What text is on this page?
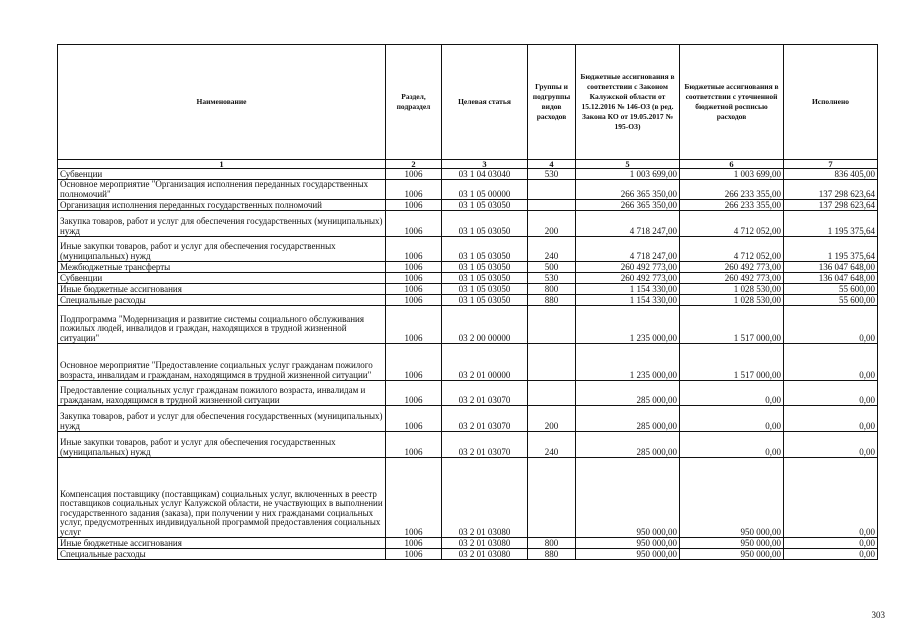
Наименование	Раздел, подраздел	Целевая статья	Группы и подгруппы видов расходов	Бюджетные ассигнования в соответствии с Законом Калужской области от 15.12.2016 № 146-ОЗ (в ред. Закона КО от 19.05.2017 № 195-ОЗ)	Бюджетные ассигнования в соответствии с уточненной бюджетной росписью расходов	Исполнено
1	2	3	4	5	6	7
Субвенции	1006	03 1 04 03040	530	1 003 699,00	1 003 699,00	836 405,00
Основное мероприятие "Организация исполнения переданных государственных полномочий"	1006	03 1 05 00000		266 365 350,00	266 233 355,00	137 298 623,64
Организация исполнения переданных государственных полномочий	1006	03 1 05 03050		266 365 350,00	266 233 355,00	137 298 623,64
Закупка товаров, работ и услуг для обеспечения государственных (муниципальных) нужд	1006	03 1 05 03050	200	4 718 247,00	4 712 052,00	1 195 375,64
Иные закупки товаров, работ и услуг для обеспечения государственных (муниципальных) нужд	1006	03 1 05 03050	240	4 718 247,00	4 712 052,00	1 195 375,64
Межбюджетные трансферты	1006	03 1 05 03050	500	260 492 773,00	260 492 773,00	136 047 648,00
Субвенции	1006	03 1 05 03050	530	260 492 773,00	260 492 773,00	136 047 648,00
Иные бюджетные ассигнования	1006	03 1 05 03050	800	1 154 330,00	1 028 530,00	55 600,00
Специальные расходы	1006	03 1 05 03050	880	1 154 330,00	1 028 530,00	55 600,00
Подпрограмма "Модернизация и развитие системы социального обслуживания пожилых людей, инвалидов и граждан, находящихся в трудной жизненной ситуации"	1006	03 2 00 00000		1 235 000,00	1 517 000,00	0,00
Основное мероприятие "Предоставление социальных услуг гражданам пожилого возраста, инвалидам и гражданам, находящимся в трудной жизненной ситуации"	1006	03 2 01 00000		1 235 000,00	1 517 000,00	0,00
Предоставление социальных услуг гражданам пожилого возраста, инвалидам и гражданам, находящимся в трудной жизненной ситуации	1006	03 2 01 03070		285 000,00	0,00	0,00
Закупка товаров, работ и услуг для обеспечения государственных (муниципальных) нужд	1006	03 2 01 03070	200	285 000,00	0,00	0,00
Иные закупки товаров, работ и услуг для обеспечения государственных (муниципальных) нужд	1006	03 2 01 03070	240	285 000,00	0,00	0,00
Компенсация поставщику (поставщикам) социальных услуг, включенных в реестр поставщиков социальных услуг Калужской области, не участвующих в выполнении государственного задания (заказа), при получении у них гражданами социальных услуг, предусмотренных индивидуальной программой предоставления социальных услуг	1006	03 2 01 03080		950 000,00	950 000,00	0,00
Иные бюджетные ассигнования	1006	03 2 01 03080	800	950 000,00	950 000,00	0,00
Специальные расходы	1006	03 2 01 03080	880	950 000,00	950 000,00	0,00
303
